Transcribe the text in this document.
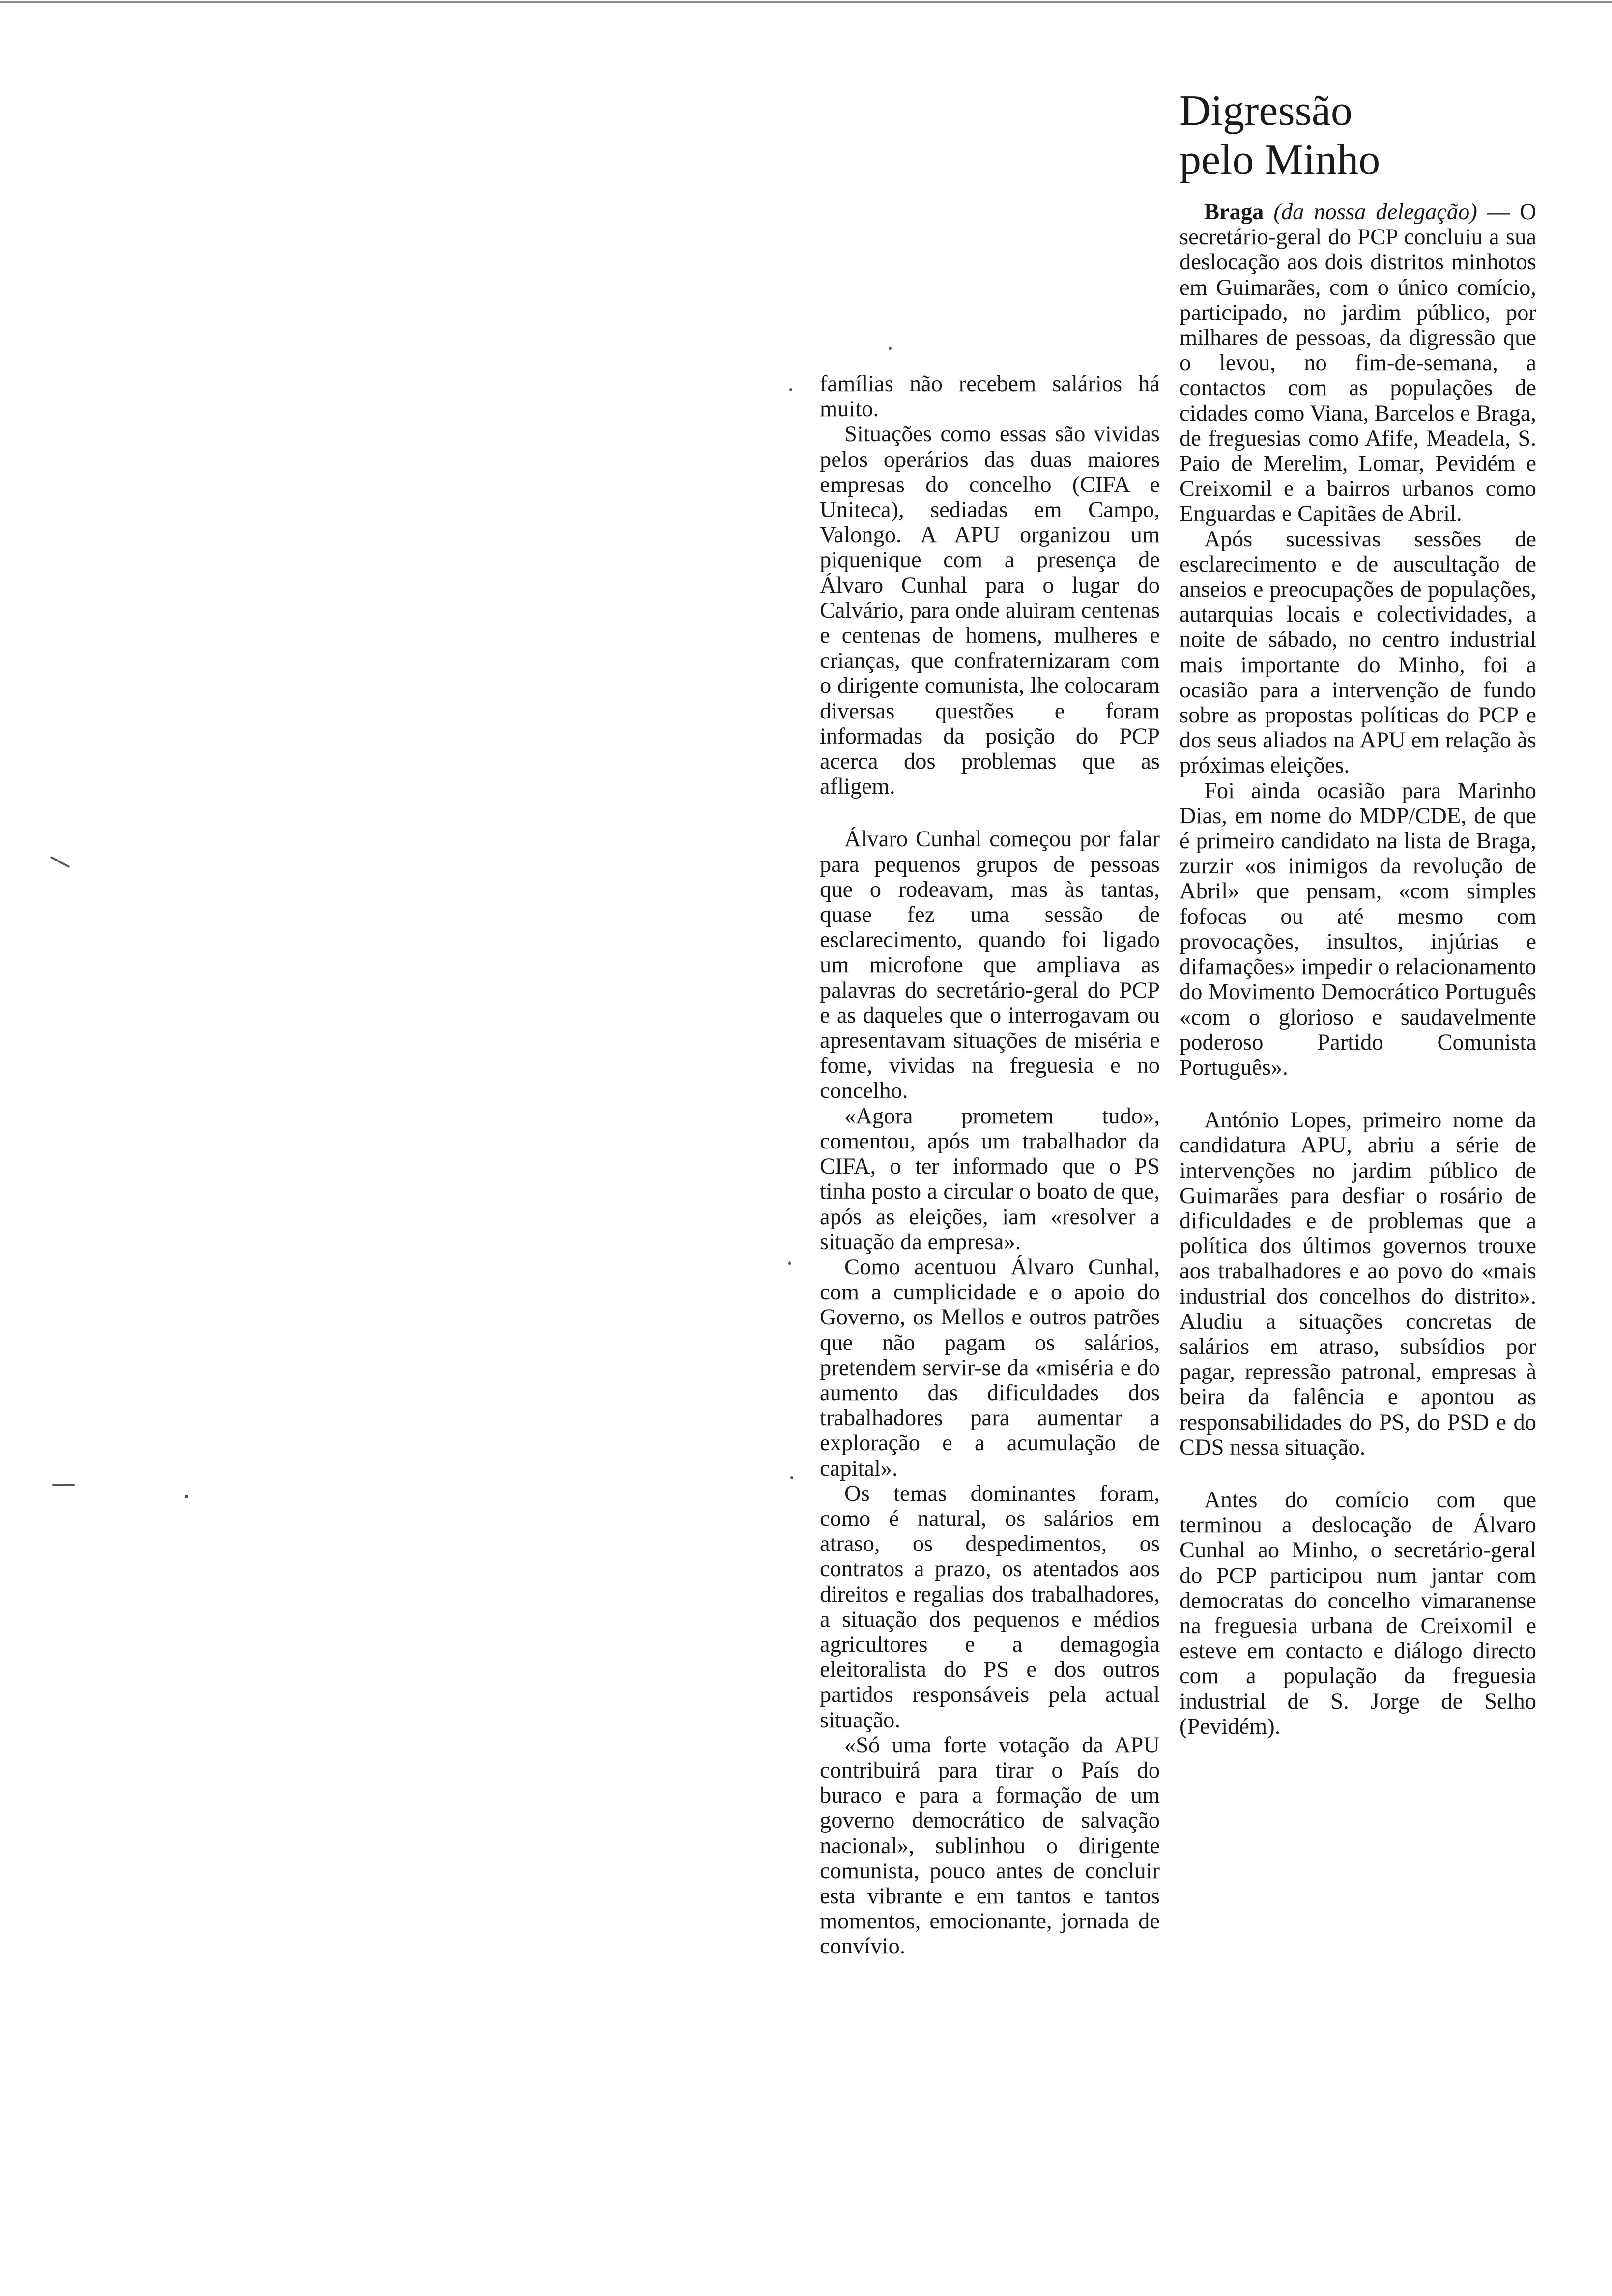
Digressão
pelo Minho

Braga (da nossa delegação) — O secretário-geral do PCP concluiu a sua deslocação aos dois distritos minhotos em Guimarães, com o único comício, participado, no jardim público, por milhares de pessoas, da digressão que o levou, no fim-de-semana, a contactos com as populações de cidades como Viana, Barcelos e Braga, de freguesias como Afife, Meadela, S. Paio de Merelim, Lomar, Pevidém e Creixomil e a bairros urbanos como Enguardas e Capitães de Abril.

Após sucessivas sessões de esclarecimento e de auscultação de anseios e preocupações de populações, autarquias locais e colectividades, a noite de sábado, no centro industrial mais importante do Minho, foi a ocasião para a intervenção de fundo sobre as propostas políticas do PCP e dos seus aliados na APU em relação às próximas eleições.

Foi ainda ocasião para Marinho Dias, em nome do MDP/CDE, de que é primeiro candidato na lista de Braga, zurzir «os inimigos da revolução de Abril» que pensam, «com simples fofocas ou até mesmo com provocações, insultos, injúrias e difamações» impedir o relacionamento do Movimento Democrático Português «com o glorioso e saudavelmente poderoso Partido Comunista Português».

António Lopes, primeiro nome da candidatura APU, abriu a série de intervenções no jardim público de Guimarães para desfiar o rosário de dificuldades e de problemas que a política dos últimos governos trouxe aos trabalhadores e ao povo do «mais industrial dos concelhos do distrito». Aludiu a situações concretas de salários em atraso, subsídios por pagar, repressão patronal, empresas à beira da falência e apontou as responsabilidades do PS, do PSD e do CDS nessa situação.

Antes do comício com que terminou a deslocação de Álvaro Cunhal ao Minho, o secretário-geral do PCP participou num jantar com democratas do concelho vimaranense na freguesia urbana de Creixomil e esteve em contacto e diálogo directo com a população da freguesia industrial de S. Jorge de Selho (Pevidém).

famílias não recebem salários há muito.

Situações como essas são vividas pelos operários das duas maiores empresas do concelho (CIFA e Uniteca), sediadas em Campo, Valongo. A APU organizou um piquenique com a presença de Álvaro Cunhal para o lugar do Calvário, para onde aluiram centenas e centenas de homens, mulheres e crianças, que confraternizaram com o dirigente comunista, lhe colocaram diversas questões e foram informadas da posição do PCP acerca dos problemas que as afligem.

Álvaro Cunhal começou por falar para pequenos grupos de pessoas que o rodeavam, mas às tantas, quase fez uma sessão de esclarecimento, quando foi ligado um microfone que ampliava as palavras do secretário-geral do PCP e as daqueles que o interrogavam ou apresentavam situações de miséria e fome, vividas na freguesia e no concelho.

«Agora prometem tudo», comentou, após um trabalhador da CIFA, o ter informado que o PS tinha posto a circular o boato de que, após as eleições, iam «resolver a situação da empresa».

Como acentuou Álvaro Cunhal, com a cumplicidade e o apoio do Governo, os Mellos e outros patrões que não pagam os salários, pretendem servir-se da «miséria e do aumento das dificuldades dos trabalhadores para aumentar a exploração e a acumulação de capital».

Os temas dominantes foram, como é natural, os salários em atraso, os despedimentos, os contratos a prazo, os atentados aos direitos e regalias dos trabalhadores, a situação dos pequenos e médios agricultores e a demagogia eleitoralista do PS e dos outros partidos responsáveis pela actual situação.

«Só uma forte votação da APU contribuirá para tirar o País do buraco e para a formação de um governo democrático de salvação nacional», sublinhou o dirigente comunista, pouco antes de concluir esta vibrante e em tantos e tantos momentos, emocionante, jornada de convívio.
